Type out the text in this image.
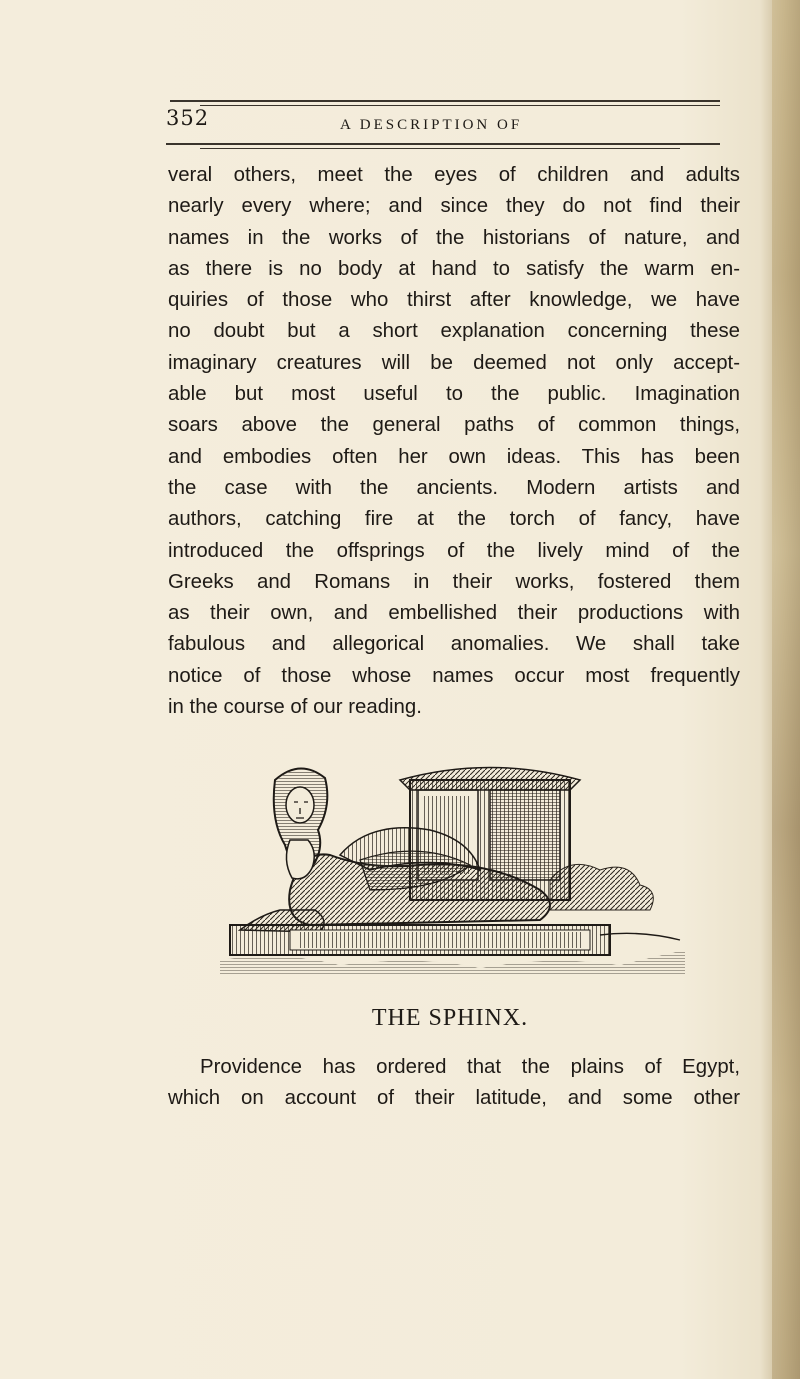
352	A DESCRIPTION OF
veral others, meet the eyes of children and adults
nearly every where; and since they do not find their
names in the works of the historians of nature, and
as there is no body at hand to satisfy the warm en-
quiries of those who thirst after knowledge, we have
no doubt but a short explanation concerning these
imaginary creatures will be deemed not only accept-
able but most useful to the public. Imagination
soars above the general paths of common things,
and embodies often her own ideas. This has been
the case with the ancients. Modern artists and
authors, catching fire at the torch of fancy, have
introduced the offsprings of the lively mind of the
Greeks and Romans in their works, fostered them
as their own, and embellished their productions with
fabulous and allegorical anomalies. We shall take
notice of those whose names occur most frequently
in the course of our reading.
THE SPHINX.
Providence has ordered that the plains of Egypt,
which on account of their latitude, and some other
